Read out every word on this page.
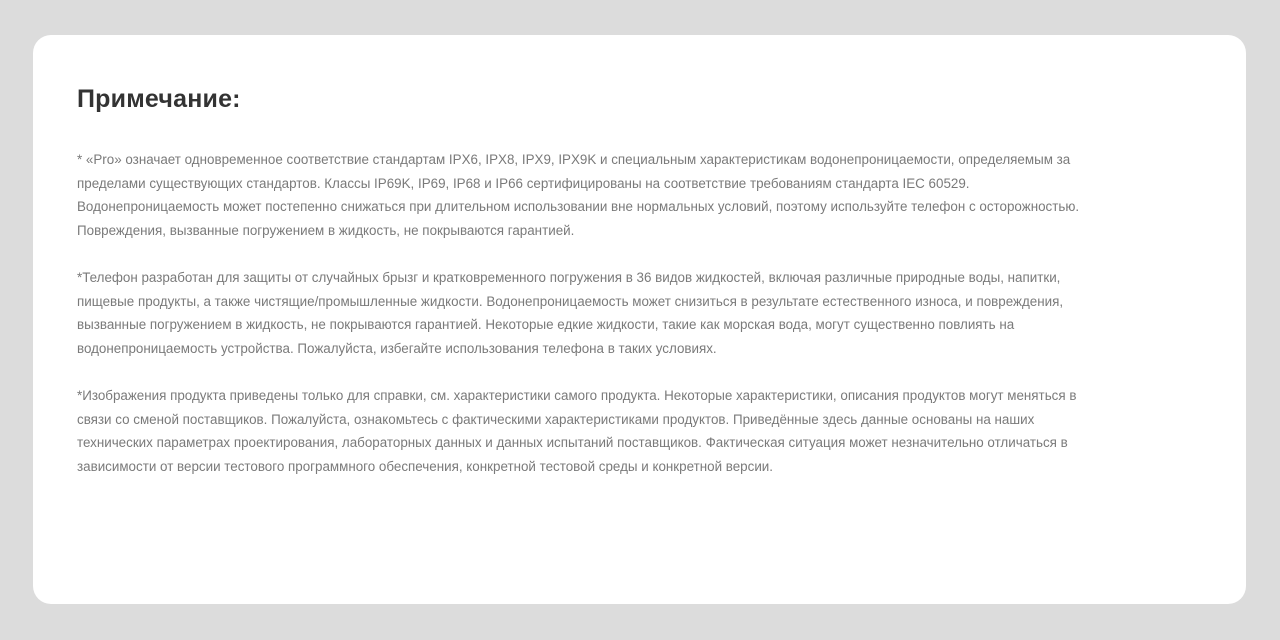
Примечание:
* «Pro» означает одновременное соответствие стандартам IPX6, IPX8, IPX9, IPX9K и специальным характеристикам водонепроницаемости, определяемым за
пределами существующих стандартов. Классы IP69K, IP69, IP68 и IP66 сертифицированы на соответствие требованиям стандарта IEC 60529.
Водонепроницаемость может постепенно снижаться при длительном использовании вне нормальных условий, поэтому используйте телефон с осторожностью.
Повреждения, вызванные погружением в жидкость, не покрываются гарантией.
*Телефон разработан для защиты от случайных брызг и кратковременного погружения в 36 видов жидкостей, включая различные природные воды, напитки,
пищевые продукты, а также чистящие/промышленные жидкости. Водонепроницаемость может снизиться в результате естественного износа, и повреждения,
вызванные погружением в жидкость, не покрываются гарантией. Некоторые едкие жидкости, такие как морская вода, могут существенно повлиять на
водонепроницаемость устройства. Пожалуйста, избегайте использования телефона в таких условиях.
*Изображения продукта приведены только для справки, см. характеристики самого продукта. Некоторые характеристики, описания продуктов могут меняться в
связи со сменой поставщиков. Пожалуйста, ознакомьтесь с фактическими характеристиками продуктов. Приведённые здесь данные основаны на наших
технических параметрах проектирования, лабораторных данных и данных испытаний поставщиков. Фактическая ситуация может незначительно отличаться в
зависимости от версии тестового программного обеспечения, конкретной тестовой среды и конкретной версии.
